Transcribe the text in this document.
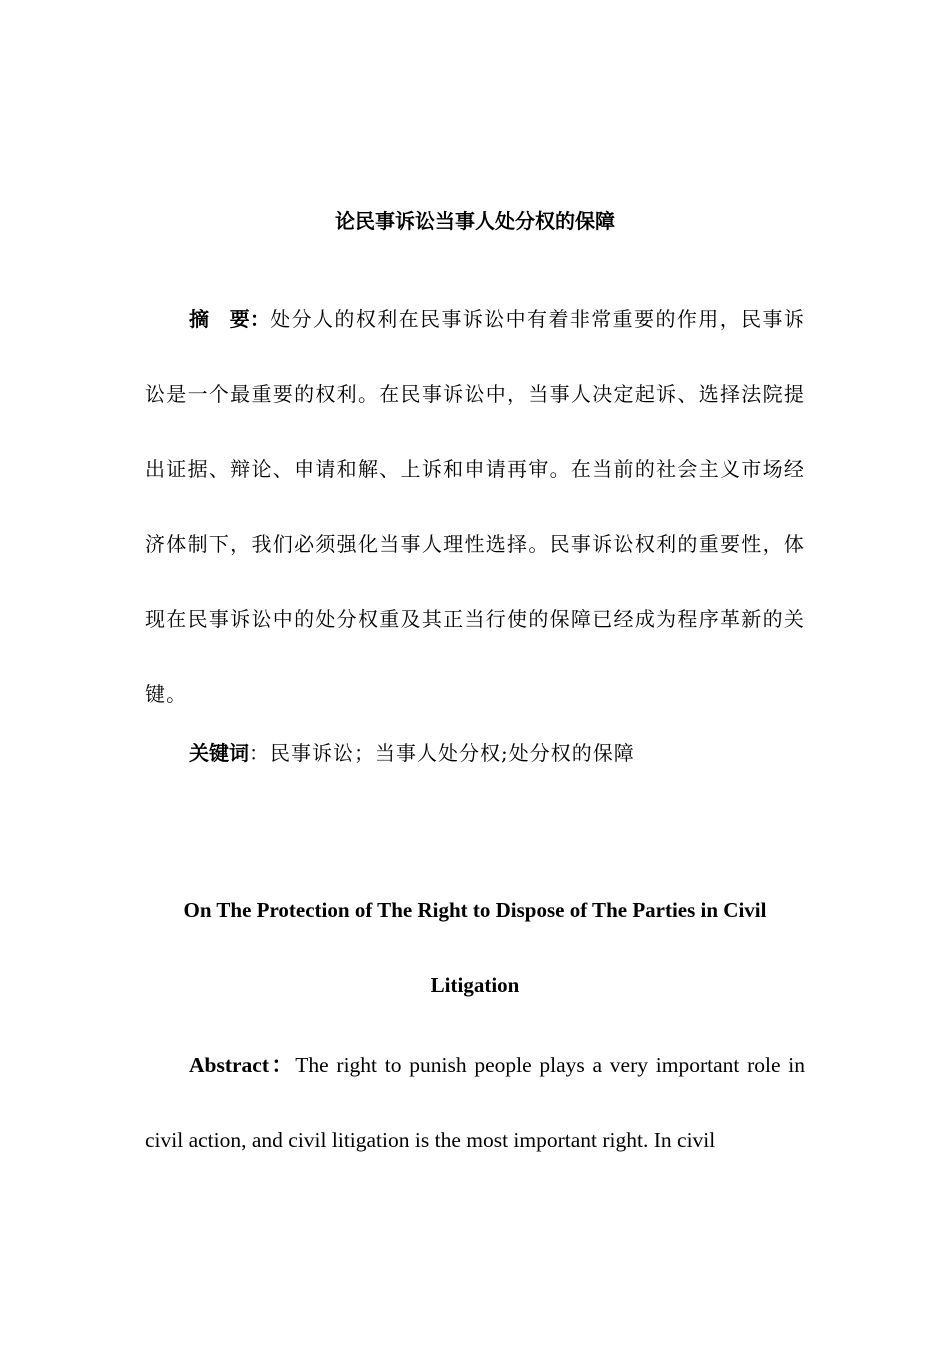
论民事诉讼当事人处分权的保障
摘　要：处分人的权利在民事诉讼中有着非常重要的作用，民事诉讼是一个最重要的权利。在民事诉讼中，当事人决定起诉、选择法院提出证据、辩论、申请和解、上诉和申请再审。在当前的社会主义市场经济体制下，我们必须强化当事人理性选择。民事诉讼权利的重要性，体现在民事诉讼中的处分权重及其正当行使的保障已经成为程序革新的关键。
关键词：民事诉讼；当事人处分权;处分权的保障
On The Protection of The Right to Dispose of The Parties in Civil Litigation
Abstract：The right to punish people plays a very important role in civil action, and civil litigation is the most important right. In civil
